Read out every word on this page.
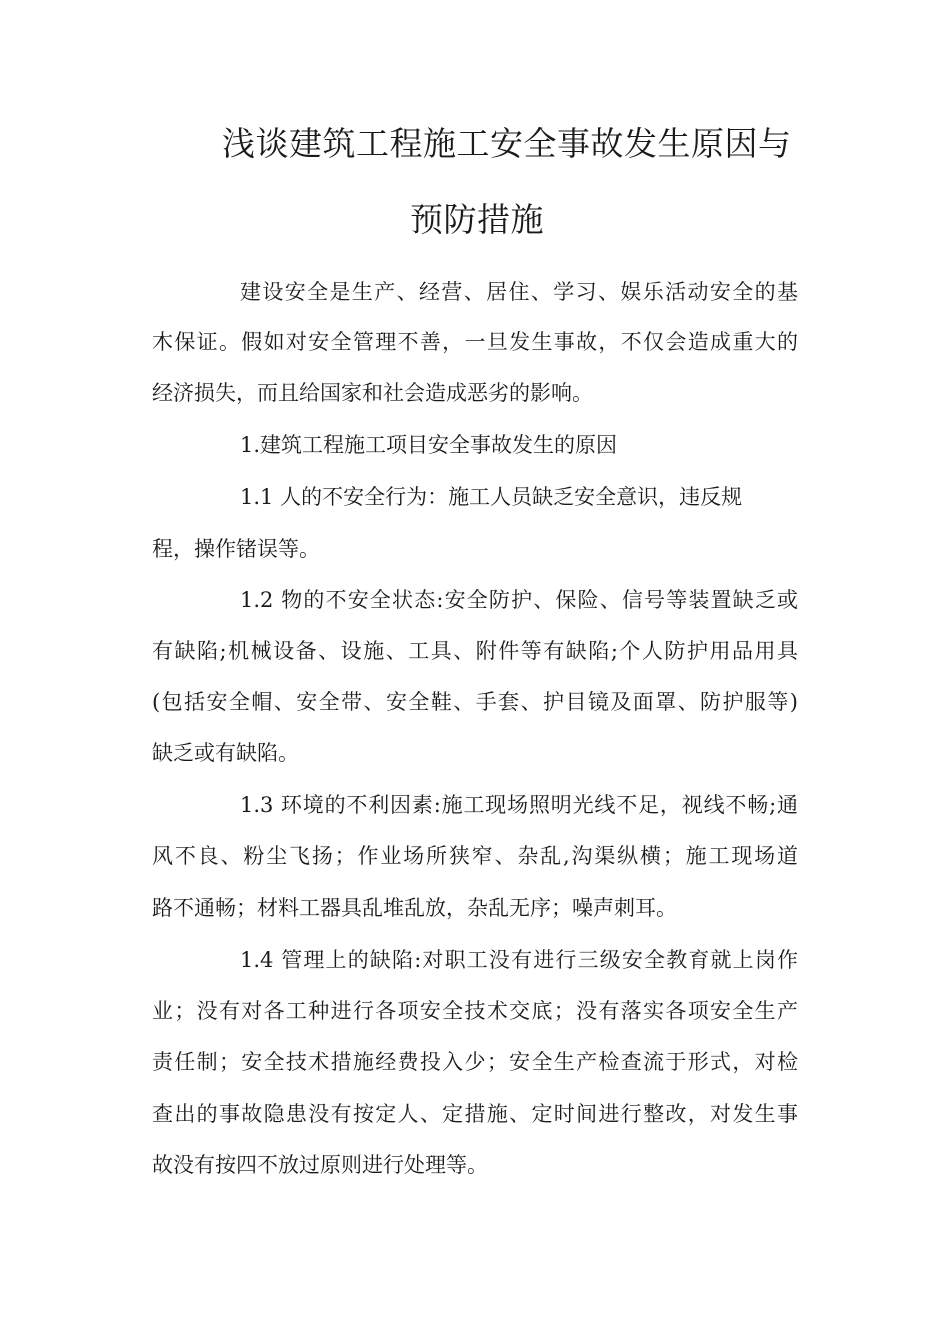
浅谈建筑工程施工安全事故发生原因与
预防措施
建设安全是生产、经营、居住、学习、娱乐活动安全的基
木保证。假如对安全管理不善，一旦发生事故，不仅会造成重大的
经济损失，而且给国家和社会造成恶劣的影响。
1.建筑工程施工项目安全事故发生的原因
1.1 人的不安全行为：施工人员缺乏安全意识，违反规
程，操作锗误等。
1.2 物的不安全状态:安全防护、保险、信号等装置缺乏或
有缺陷;机械设备、设施、工具、附件等有缺陷;个人防护用品用具
(包括安全帽、安全带、安全鞋、手套、护目镜及面罩、防护服等)
缺乏或有缺陷。
1.3 环境的不利因素:施工现场照明光线不足，视线不畅;通
风不良、粉尘飞扬；作业场所狭窄、杂乱,沟渠纵横；施工现场道
路不通畅；材料工器具乱堆乱放，杂乱无序；噪声刺耳。
1.4 管理上的缺陷:对职工没有进行三级安全教育就上岗作
业；没有对各工种进行各项安全技术交底；没有落实各项安全生产
责任制；安全技术措施经费投入少；安全生产检查流于形式，对检
查出的事故隐患没有按定人、定措施、定时间进行整改，对发生事
故没有按四不放过原则进行处理等。
